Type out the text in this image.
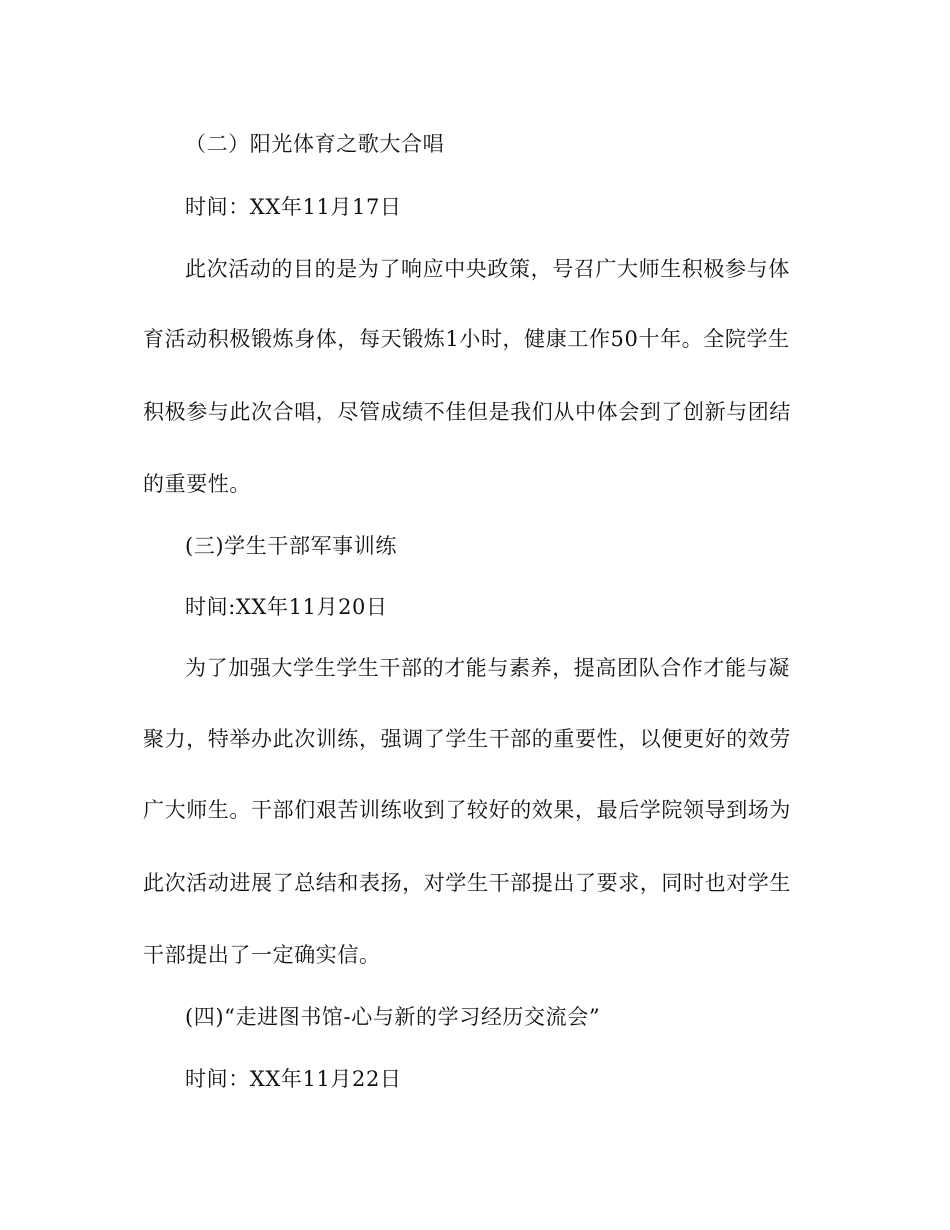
（二）阳光体育之歌大合唱
时间：XX年11月17日
此次活动的目的是为了响应中央政策，号召广大师生积极参与体
育活动积极锻炼身体，每天锻炼1小时，健康工作50十年。全院学生
积极参与此次合唱，尽管成绩不佳但是我们从中体会到了创新与团结
的重要性。
(三)学生干部军事训练
时间:XX年11月20日
为了加强大学生学生干部的才能与素养，提高团队合作才能与凝
聚力，特举办此次训练，强调了学生干部的重要性，以便更好的效劳
广大师生。干部们艰苦训练收到了较好的效果，最后学院领导到场为
此次活动进展了总结和表扬，对学生干部提出了要求，同时也对学生
干部提出了一定确实信。
(四)“走进图书馆-心与新的学习经历交流会”
时间：XX年11月22日
